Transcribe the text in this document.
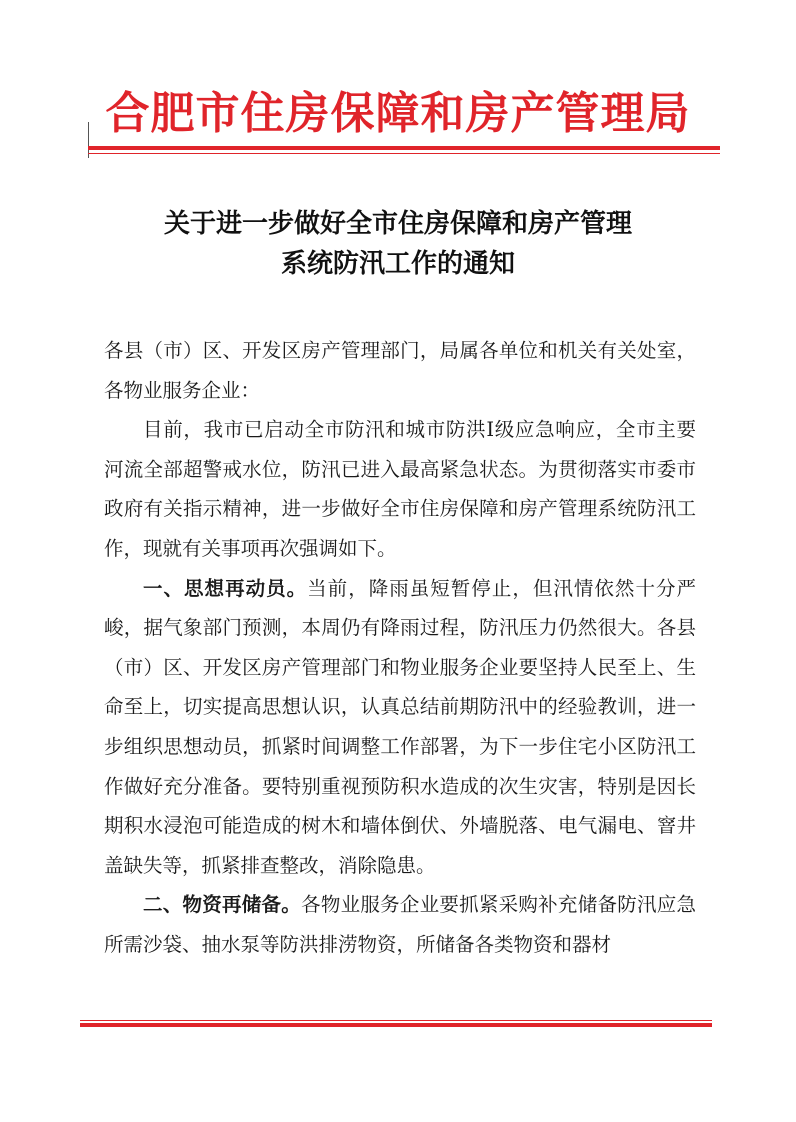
合肥市住房保障和房产管理局
关于进一步做好全市住房保障和房产管理
系统防汛工作的通知

各县（市）区、开发区房产管理部门，局属各单位和机关有关处室，各物业服务企业：

目前，我市已启动全市防汛和城市防洪Ⅰ级应急响应，全市主要河流全部超警戒水位，防汛已进入最高紧急状态。为贯彻落实市委市政府有关指示精神，进一步做好全市住房保障和房产管理系统防汛工作，现就有关事项再次强调如下。

一、思想再动员。当前，降雨虽短暂停止，但汛情依然十分严峻，据气象部门预测，本周仍有降雨过程，防汛压力仍然很大。各县（市）区、开发区房产管理部门和物业服务企业要坚持人民至上、生命至上，切实提高思想认识，认真总结前期防汛中的经验教训，进一步组织思想动员，抓紧时间调整工作部署，为下一步住宅小区防汛工作做好充分准备。要特别重视预防积水造成的次生灾害，特别是因长期积水浸泡可能造成的树木和墙体倒伏、外墙脱落、电气漏电、窨井盖缺失等，抓紧排查整改，消除隐患。

二、物资再储备。各物业服务企业要抓紧采购补充储备防汛应急所需沙袋、抽水泵等防洪排涝物资，所储备各类物资和器材
